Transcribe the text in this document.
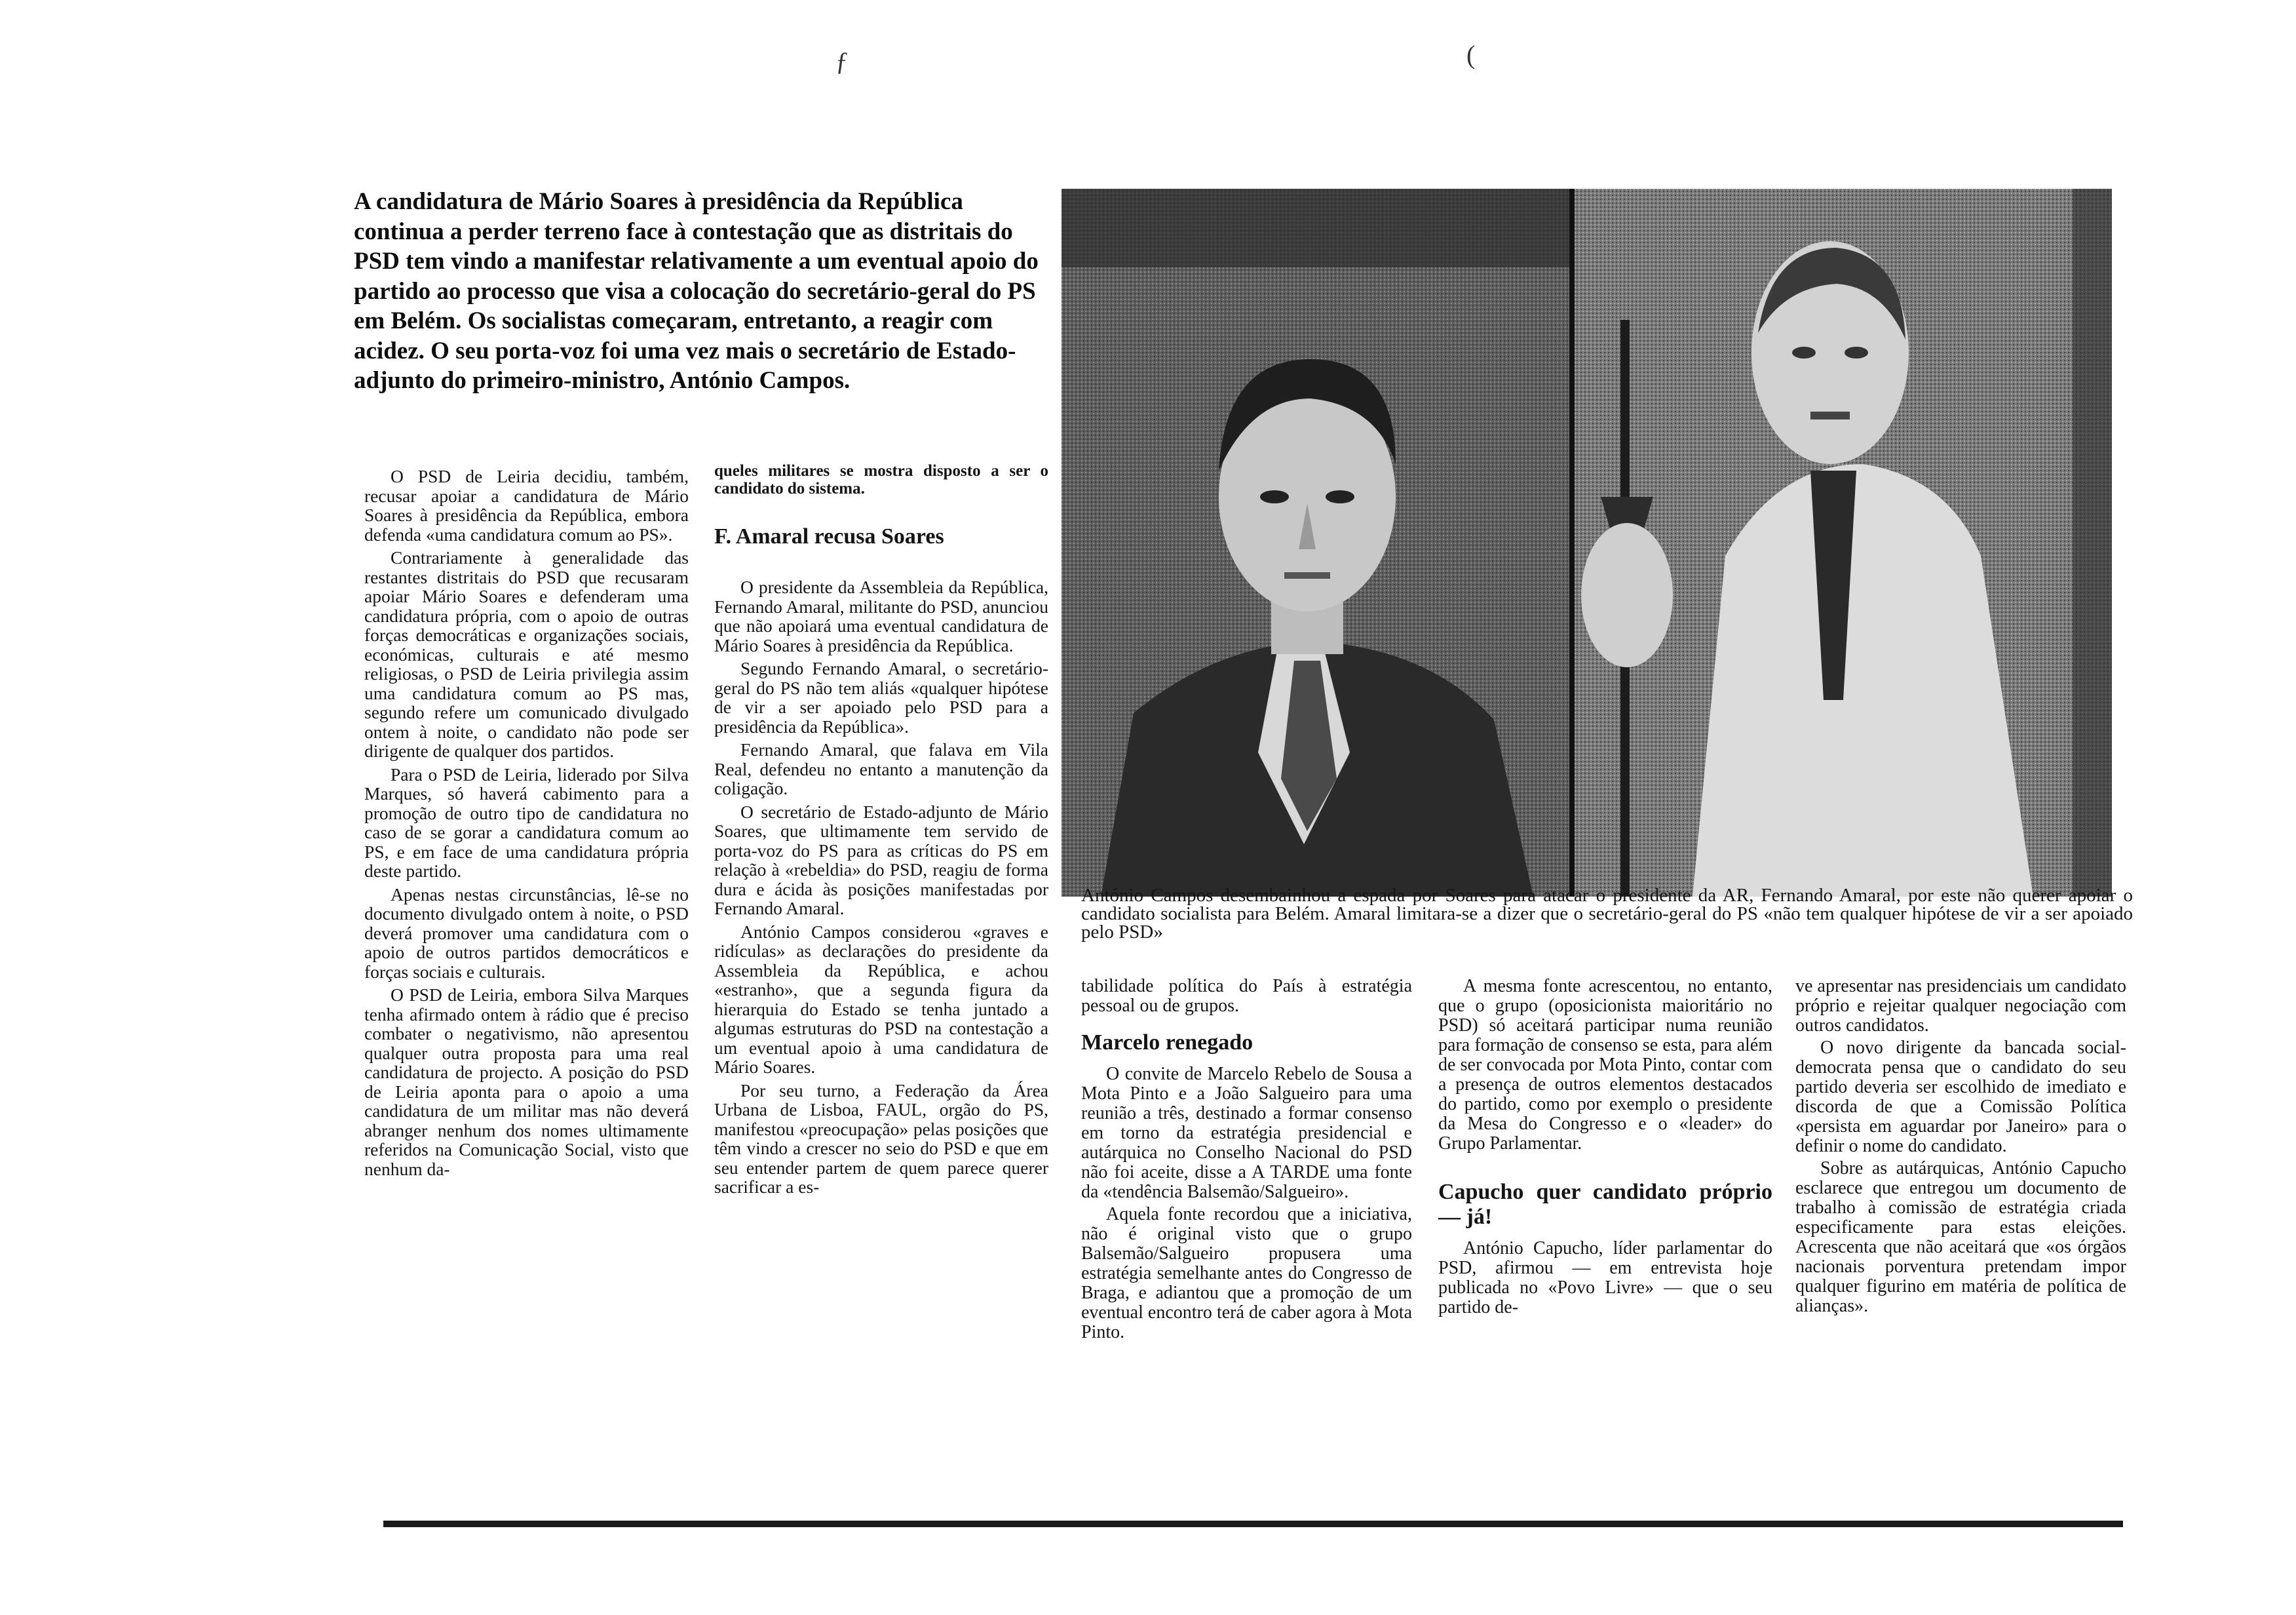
ƒ	(
A candidatura de Mário Soares à presidência da República continua a perder terreno face à contestação que as distritais do PSD tem vindo a manifestar relativamente a um eventual apoio do partido ao processo que visa a colocação do secretário-geral do PS em Belém. Os socialistas começaram, entretanto, a reagir com acidez. O seu porta-voz foi uma vez mais o secretário de Estado-adjunto do primeiro-ministro, António Campos.

O PSD de Leiria decidiu, também, recusar apoiar a candidatura de Mário Soares à presidência da República, embora defenda «uma candidatura comum ao PS».

Contrariamente à generalidade das restantes distritais do PSD que recusaram apoiar Mário Soares e defenderam uma candidatura própria, com o apoio de outras forças democráticas e organizações sociais, económicas, culturais e até mesmo religiosas, o PSD de Leiria privilegia assim uma candidatura comum ao PS mas, segundo refere um comunicado divulgado ontem à noite, o candidato não pode ser dirigente de qualquer dos partidos.

Para o PSD de Leiria, liderado por Silva Marques, só haverá cabimento para a promoção de outro tipo de candidatura no caso de se gorar a candidatura comum ao PS, e em face de uma candidatura própria deste partido.

Apenas nestas circunstâncias, lê-se no documento divulgado ontem à noite, o PSD deverá promover uma candidatura com o apoio de outros partidos democráticos e forças sociais e culturais.

O PSD de Leiria, embora Silva Marques tenha afirmado ontem à rádio que é preciso combater o negativismo, não apresentou qualquer outra proposta para uma real candidatura de projecto. A posição do PSD de Leiria aponta para o apoio a uma candidatura de um militar mas não deverá abranger nenhum dos nomes ultimamente referidos na Comunicação Social, visto que nenhum da-

queles militares se mostra disposto a ser o candidato do sistema.

F. Amaral recusa Soares

O presidente da Assembleia da República, Fernando Amaral, militante do PSD, anunciou que não apoiará uma eventual candidatura de Mário Soares à presidência da República.

Segundo Fernando Amaral, o secretário-geral do PS não tem aliás «qualquer hipótese de vir a ser apoiado pelo PSD para a presidência da República».

Fernando Amaral, que falava em Vila Real, defendeu no entanto a manutenção da coligação.

O secretário de Estado-adjunto de Mário Soares, que ultimamente tem servido de porta-voz do PS para as críticas do PS em relação à «rebeldia» do PSD, reagiu de forma dura e ácida às posições manifestadas por Fernando Amaral.

António Campos considerou «graves e ridículas» as declarações do presidente da Assembleia da República, e achou «estranho», que a segunda figura da hierarquia do Estado se tenha juntado a algumas estruturas do PSD na contestação a um eventual apoio à uma candidatura de Mário Soares.

Por seu turno, a Federação da Área Urbana de Lisboa, FAUL, orgão do PS, manifestou «preocupação» pelas posições que têm vindo a crescer no seio do PSD e que em seu entender partem de quem parece querer sacrificar a es-

António Campos desembainhou a espada por Soares para atacar o presidente da AR, Fernando Amaral, por este não querer apoiar o candidato socialista para Belém. Amaral limitara-se a dizer que o secretário-geral do PS «não tem qualquer hipótese de vir a ser apoiado pelo PSD»

tabilidade política do País à estratégia pessoal ou de grupos.

Marcelo renegado

O convite de Marcelo Rebelo de Sousa a Mota Pinto e a João Salgueiro para uma reunião a três, destinado a formar consenso em torno da estratégia presidencial e autárquica no Conselho Nacional do PSD não foi aceite, disse a A TARDE uma fonte da «tendência Balsemão/Salgueiro».

Aquela fonte recordou que a iniciativa, não é original visto que o grupo Balsemão/Salgueiro propusera uma estratégia semelhante antes do Congresso de Braga, e adiantou que a promoção de um eventual encontro terá de caber agora à Mota Pinto.

A mesma fonte acrescentou, no entanto, que o grupo (oposicionista maioritário no PSD) só aceitará participar numa reunião para formação de consenso se esta, para além de ser convocada por Mota Pinto, contar com a presença de outros elementos destacados do partido, como por exemplo o presidente da Mesa do Congresso e o «leader» do Grupo Parlamentar.

Capucho quer candidato próprio — já!

António Capucho, líder parlamentar do PSD, afirmou — em entrevista hoje publicada no «Povo Livre» — que o seu partido de-

ve apresentar nas presidenciais um candidato próprio e rejeitar qualquer negociação com outros candidatos.

O novo dirigente da bancada social-democrata pensa que o candidato do seu partido deveria ser escolhido de imediato e discorda de que a Comissão Política «persista em aguardar por Janeiro» para o definir o nome do candidato.

Sobre as autárquicas, António Capucho esclarece que entregou um documento de trabalho à comissão de estratégia criada especificamente para estas eleições. Acrescenta que não aceitará que «os órgãos nacionais porventura pretendam impor qualquer figurino em matéria de política de alianças».
